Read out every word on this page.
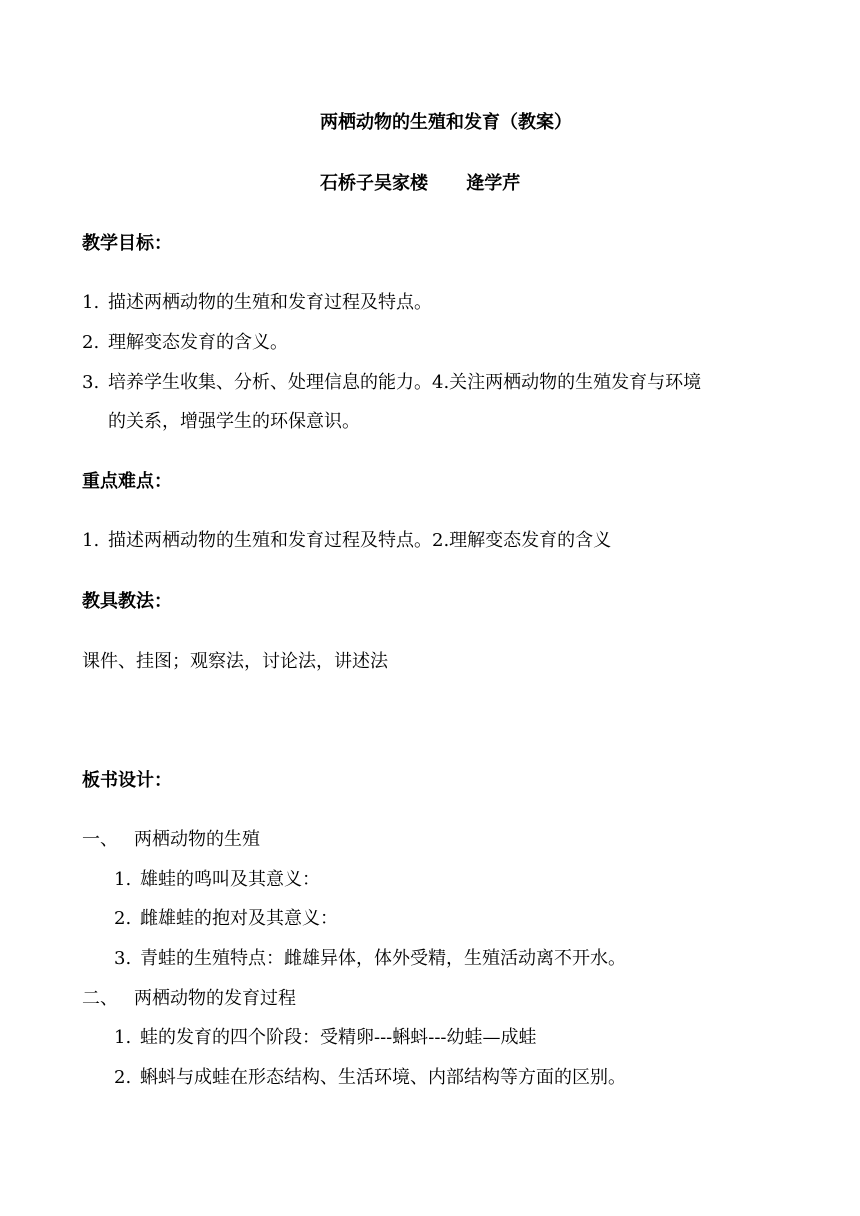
两栖动物的生殖和发育（教案）
石桥子吴家楼 逄学芹
教学目标：
1. 描述两栖动物的生殖和发育过程及特点。
2. 理解变态发育的含义。
3. 培养学生收集、分析、处理信息的能力。4.关注两栖动物的生殖发育与环境
的关系，增强学生的环保意识。
重点难点：
1. 描述两栖动物的生殖和发育过程及特点。2.理解变态发育的含义
教具教法：
课件、挂图；观察法，讨论法，讲述法
板书设计：
一、 两栖动物的生殖
1. 雄蛙的鸣叫及其意义：
2. 雌雄蛙的抱对及其意义：
3. 青蛙的生殖特点：雌雄异体，体外受精，生殖活动离不开水。
二、 两栖动物的发育过程
1. 蛙的发育的四个阶段：受精卵---蝌蚪---幼蛙—成蛙
2. 蝌蚪与成蛙在形态结构、生活环境、内部结构等方面的区别。
